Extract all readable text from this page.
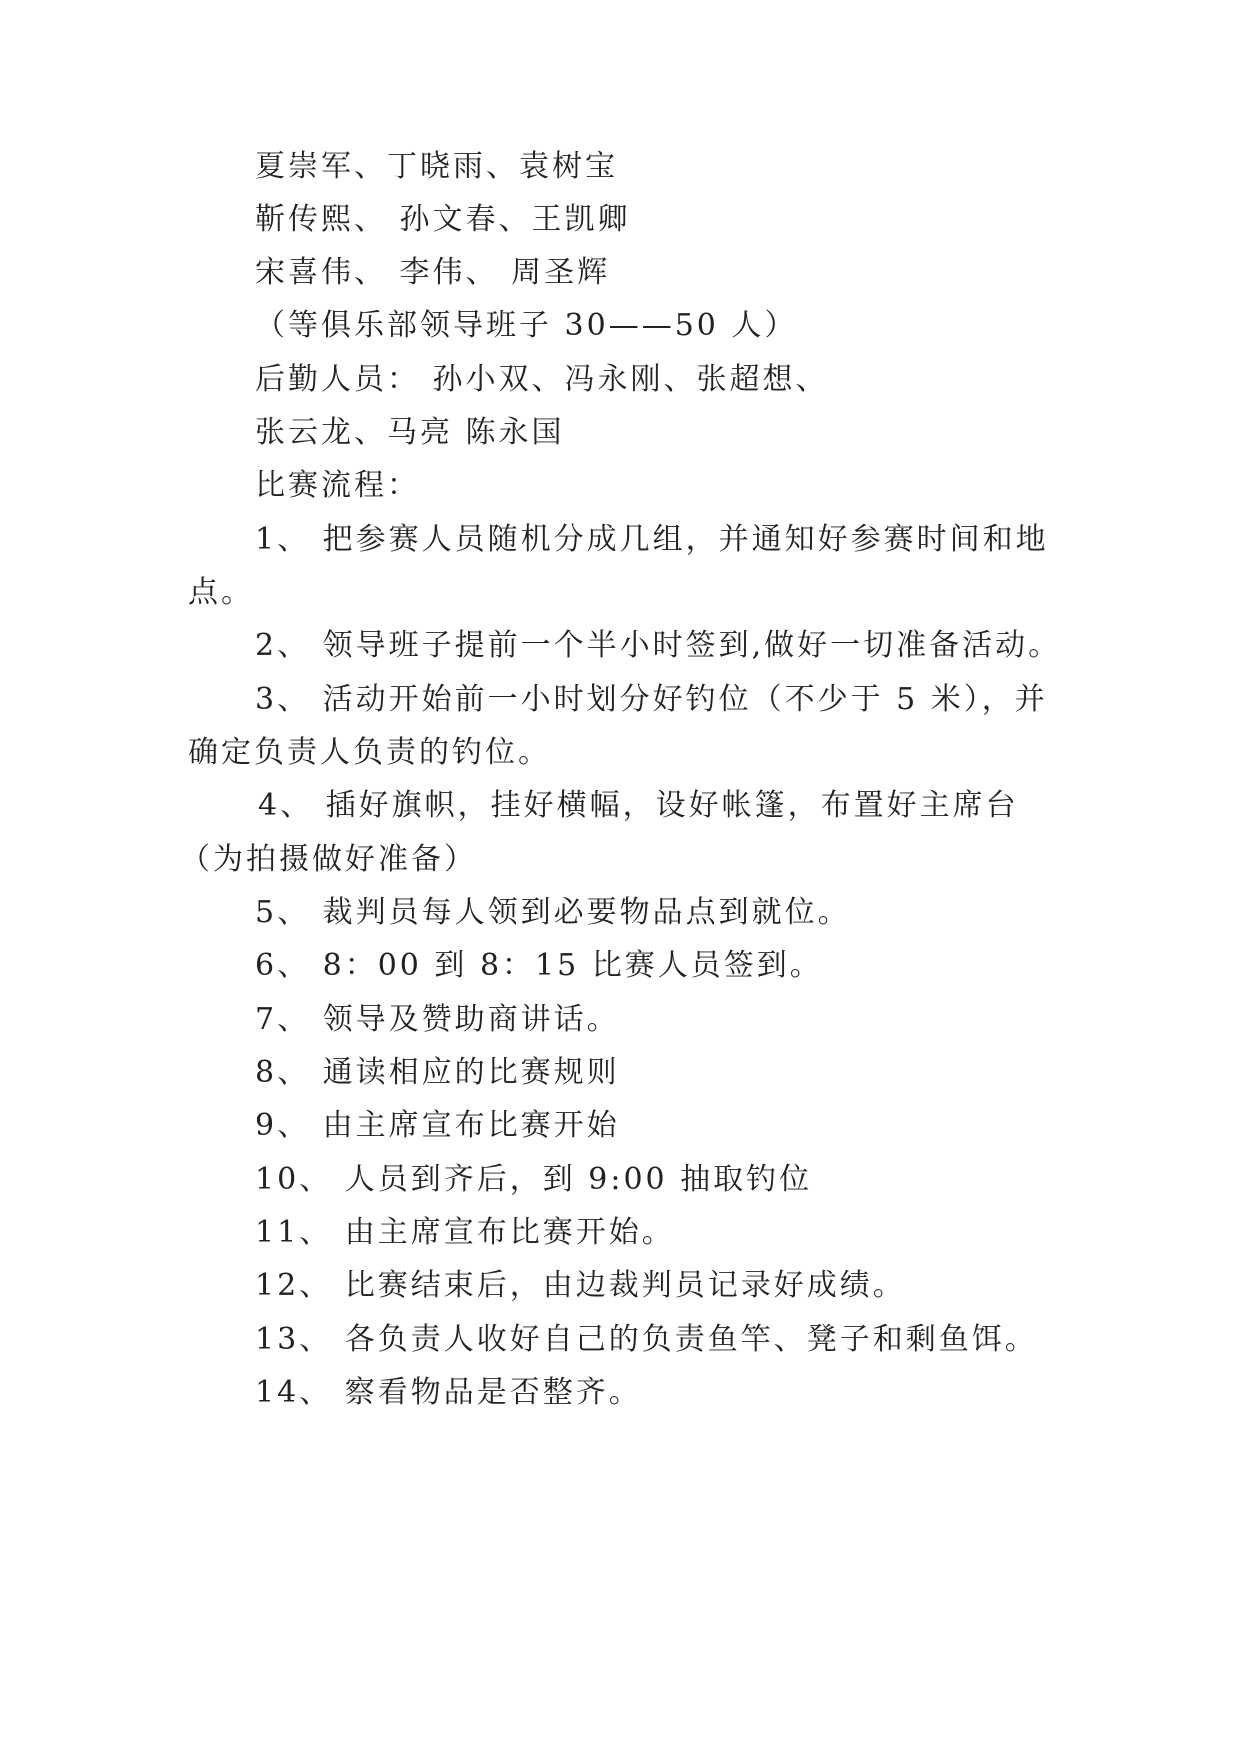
夏崇军、丁晓雨、袁树宝
靳传熙、 孙文春、王凯卿
宋喜伟、 李伟、 周圣辉
（等俱乐部领导班子 30——50 人）
后勤人员： 孙小双、冯永刚、张超想、
张云龙、马亮 陈永国
比赛流程：
1、 把参赛人员随机分成几组，并通知好参赛时间和地
点。
2、 领导班子提前一个半小时签到,做好一切准备活动。
3、 活动开始前一小时划分好钓位（不少于 5 米），并
确定负责人负责的钓位。
4、 插好旗帜，挂好横幅，设好帐篷，布置好主席台
（为拍摄做好准备）
5、 裁判员每人领到必要物品点到就位。
6、 8：00 到 8：15 比赛人员签到。
7、 领导及赞助商讲话。
8、 通读相应的比赛规则
9、 由主席宣布比赛开始
10、 人员到齐后，到 9:00 抽取钓位
11、 由主席宣布比赛开始。
12、 比赛结束后，由边裁判员记录好成绩。
13、 各负责人收好自己的负责鱼竿、凳子和剩鱼饵。
14、 察看物品是否整齐。
